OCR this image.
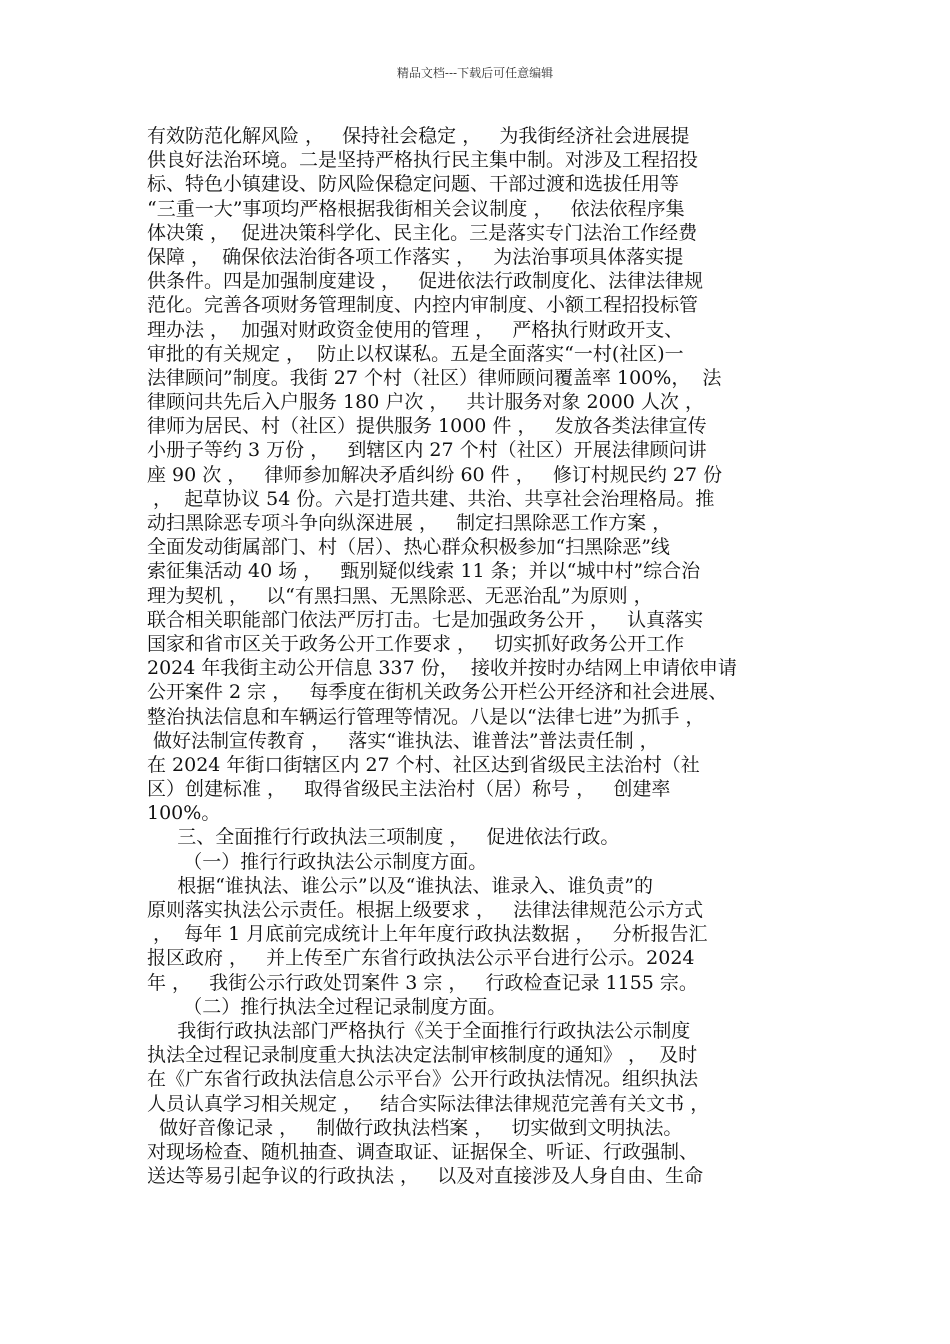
精品文档---下载后可任意编辑
有效防范化解风险 ，   保持社会稳定 ，   为我街经济社会进展提
供良好法治环境。二是坚持严格执行民主集中制。对涉及工程招投
标、特色小镇建设、防风险保稳定问题、干部过渡和选拔任用等
“三重一大”事项均严格根据我街相关会议制度 ，   依法依程序集
体决策 ，  促进决策科学化、民主化。三是落实专门法治工作经费
保障 ，  确保依法治街各项工作落实 ，   为法治事项具体落实提
供条件。四是加强制度建设 ，   促进依法行政制度化、法律法律规
范化。完善各项财务管理制度、内控内审制度、小额工程招投标管
理办法 ，  加强对财政资金使用的管理 ，   严格执行财政开支、
审批的有关规定 ，  防止以权谋私。五是全面落实“一村(社区)一
法律顾问”制度。我街 27 个村（社区）律师顾问覆盖率 100%，  法
律顾问共先后入户服务 180 户次 ，   共计服务对象 2000 人次 ，
律师为居民、村（社区）提供服务 1000 件 ，   发放各类法律宣传
小册子等约 3 万份 ，   到辖区内 27 个村（社区）开展法律顾问讲
座 90 次 ，   律师参加解决矛盾纠纷 60 件 ，   修订村规民约 27 份
，  起草协议 54 份。六是打造共建、共治、共享社会治理格局。推
动扫黑除恶专项斗争向纵深进展 ，   制定扫黑除恶工作方案 ，
全面发动街属部门、村（居）、热心群众积极参加“扫黑除恶”线
索征集活动 40 场 ，   甄别疑似线索 11 条；并以“城中村”综合治
理为契机 ，   以“有黑扫黑、无黑除恶、无恶治乱”为原则 ，
联合相关职能部门依法严厉打击。七是加强政务公开 ，   认真落实
国家和省市区关于政务公开工作要求 ，   切实抓好政务公开工作
2024 年我街主动公开信息 337 份，  接收并按时办结网上申请依申请
公开案件 2 宗 ，   每季度在街机关政务公开栏公开经济和社会进展、
整治执法信息和车辆运行管理等情况。八是以“法律七进”为抓手 ，
做好法制宣传教育 ，   落实“谁执法、谁普法”普法责任制 ，
在 2024 年街口街辖区内 27 个村、社区达到省级民主法治村（社
区）创建标准 ，   取得省级民主法治村（居）称号 ，   创建率
100%。
三、全面推行行政执法三项制度 ，   促进依法行政。
（一）推行行政执法公示制度方面。
根据“谁执法、谁公示”以及“谁执法、谁录入、谁负责”的
原则落实执法公示责任。根据上级要求 ，   法律法律规范公示方式
，  每年 1 月底前完成统计上年年度行政执法数据 ，   分析报告汇
报区政府 ，   并上传至广东省行政执法公示平台进行公示。2024
年 ，   我街公示行政处罚案件 3 宗 ，   行政检查记录 1155 宗。
（二）推行执法全过程记录制度方面。
我街行政执法部门严格执行《关于全面推行行政执法公示制度
执法全过程记录制度重大执法决定法制审核制度的通知》 ，  及时
在《广东省行政执法信息公示平台》公开行政执法情况。组织执法
人员认真学习相关规定 ，   结合实际法律法律规范完善有关文书 ，
做好音像记录 ，   制做行政执法档案 ，   切实做到文明执法。
对现场检查、随机抽查、调查取证、证据保全、听证、行政强制、
送达等易引起争议的行政执法 ，   以及对直接涉及人身自由、生命
